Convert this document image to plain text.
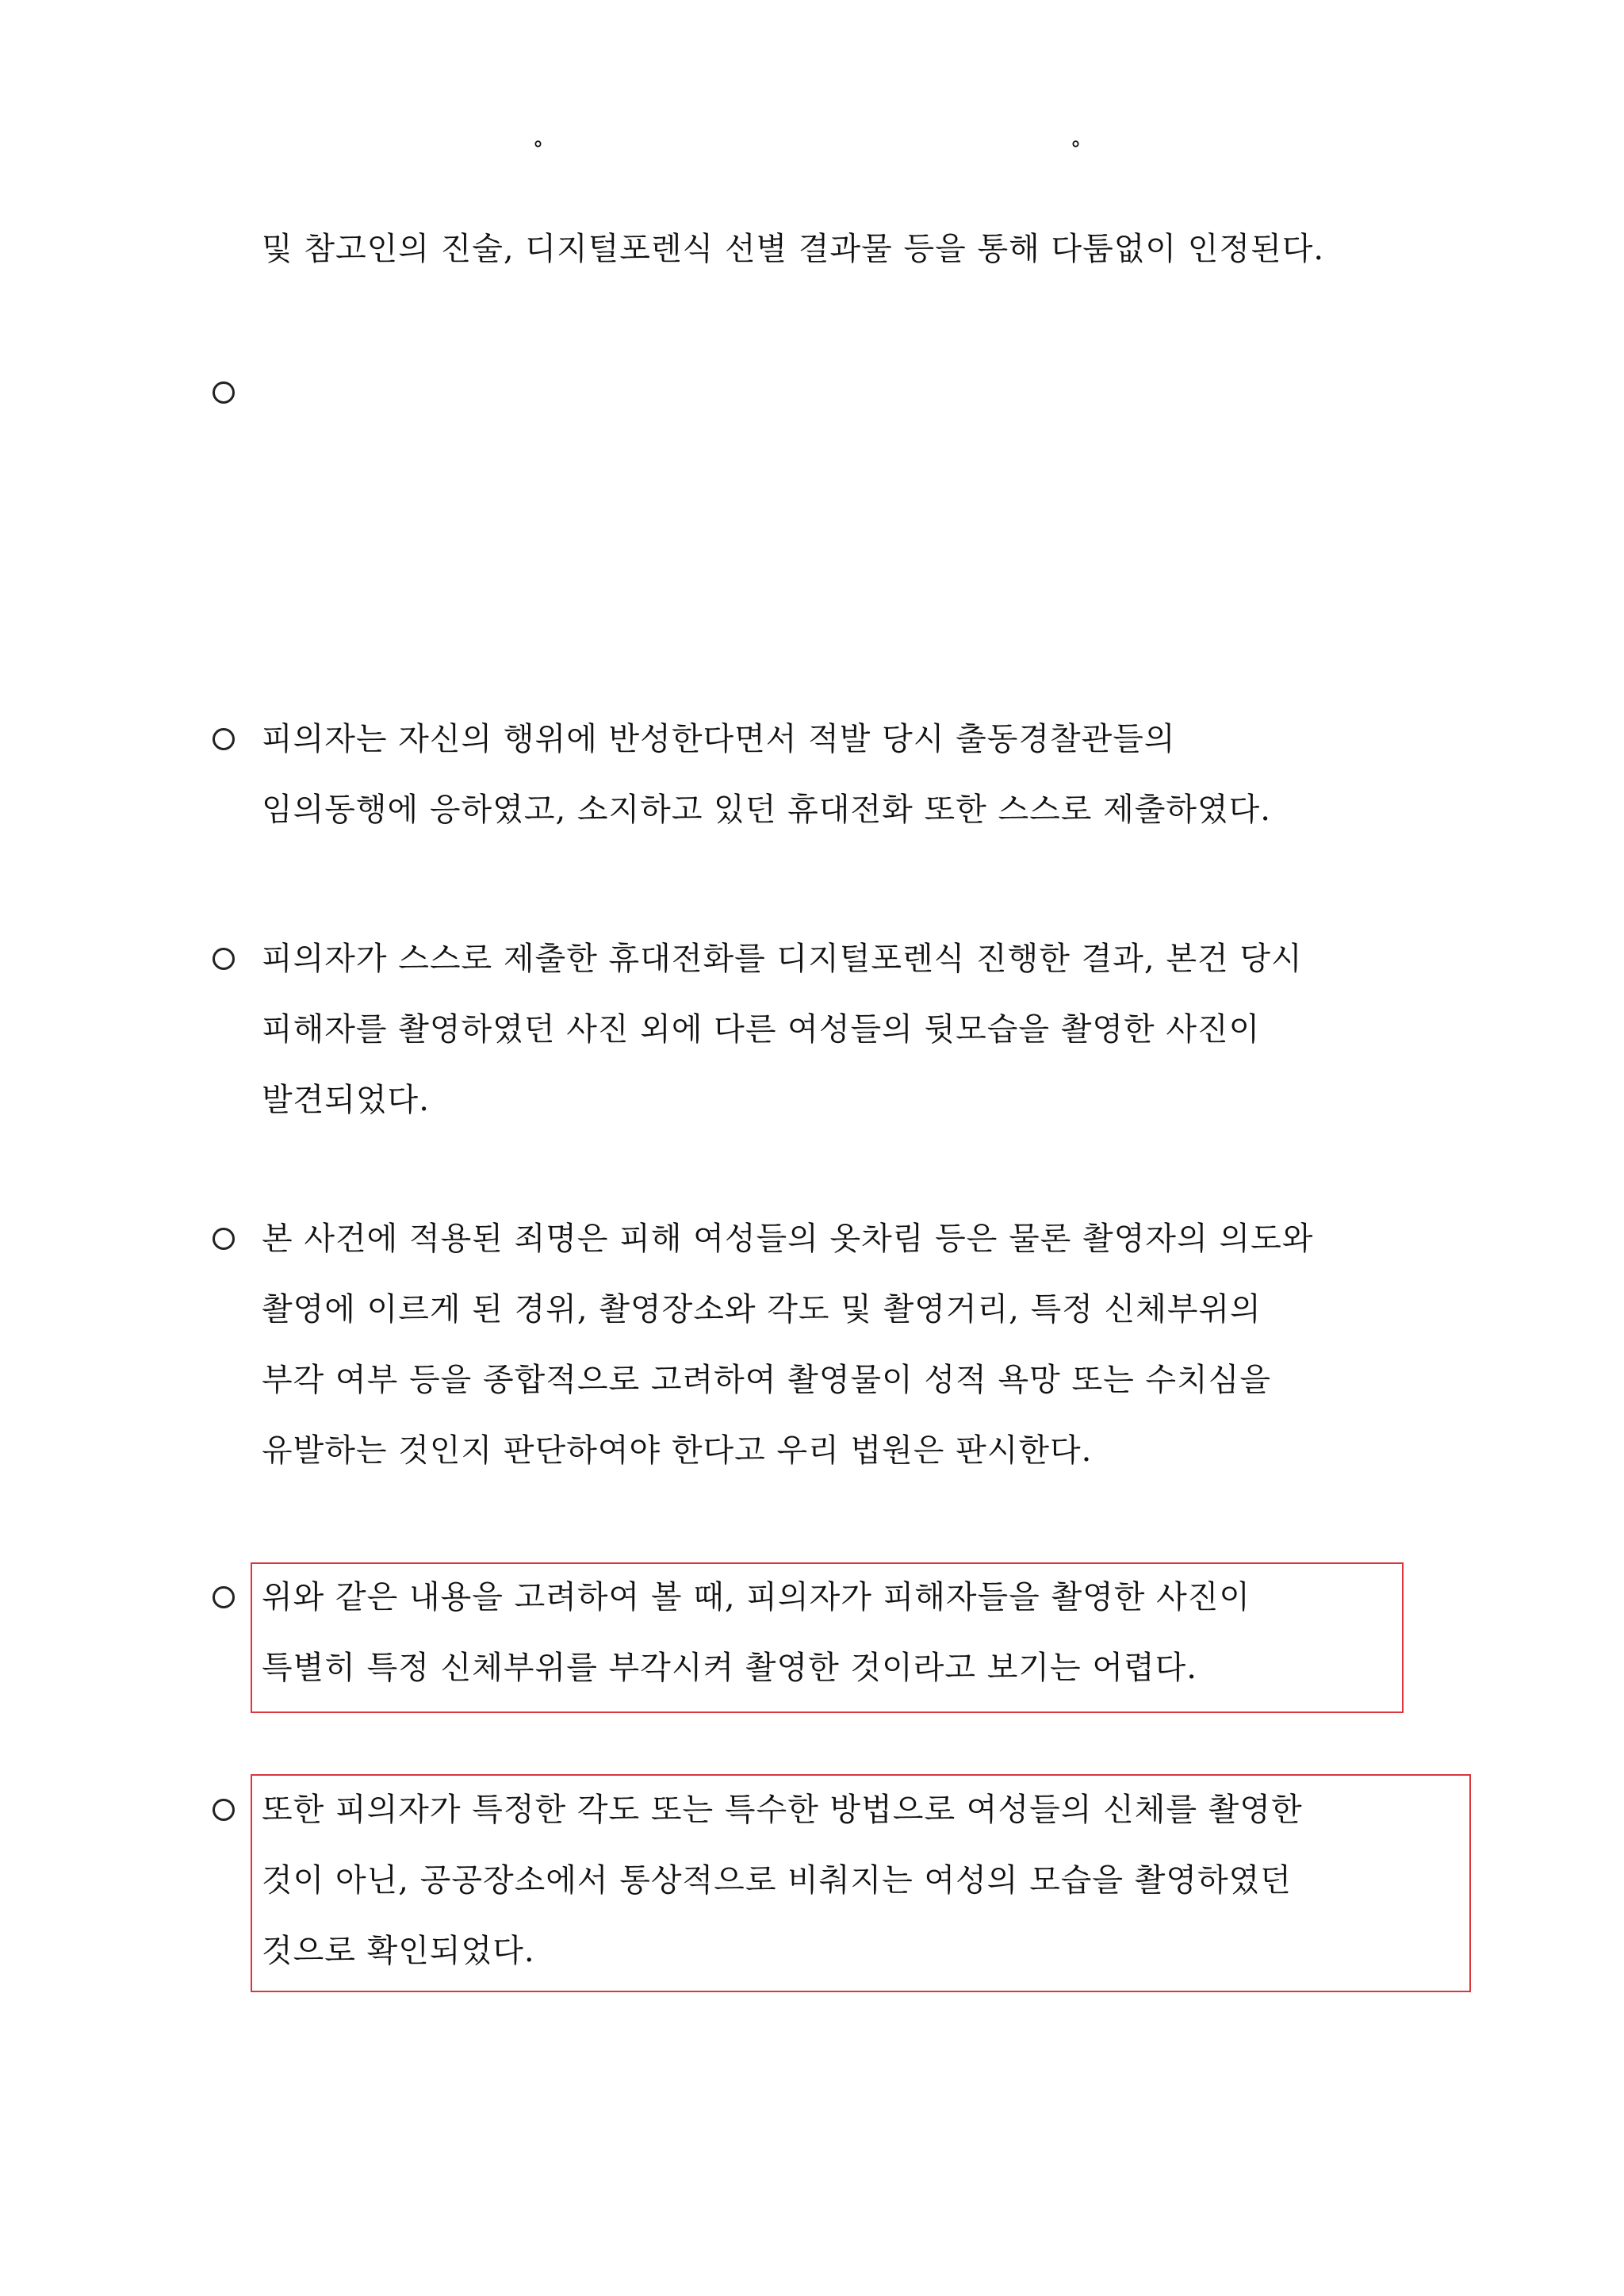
°	°
및 참고인의 진술, 디지털포렌식 선별 결과물 등을 통해 다툼없이 인정된다.
피의자는 자신의 행위에 반성한다면서 적발 당시 출동경찰관들의
임의동행에 응하였고, 소지하고 있던 휴대전화 또한 스스로 제출하였다.
피의자가 스스로 제출한 휴대전화를 디지털포렌식 진행한 결과, 본건 당시
피해자를 촬영하였던 사진 외에 다른 여성들의 뒷모습을 촬영한 사진이
발견되었다.
본 사건에 적용된 죄명은 피해 여성들의 옷차림 등은 물론 촬영자의 의도와
촬영에 이르게 된 경위, 촬영장소와 각도 및 촬영거리, 특정 신체부위의
부각 여부 등을 종합적으로 고려하여 촬영물이 성적 욕망 또는 수치심을
유발하는 것인지 판단하여야 한다고 우리 법원은 판시한다.
위와 같은 내용을 고려하여 볼 때, 피의자가 피해자들을 촬영한 사진이
특별히 특정 신체부위를 부각시켜 촬영한 것이라고 보기는 어렵다.
또한 피의자가 특정한 각도 또는 특수한 방법으로 여성들의 신체를 촬영한
것이 아닌, 공공장소에서 통상적으로 비춰지는 여성의 모습을 촬영하였던
것으로 확인되었다.
